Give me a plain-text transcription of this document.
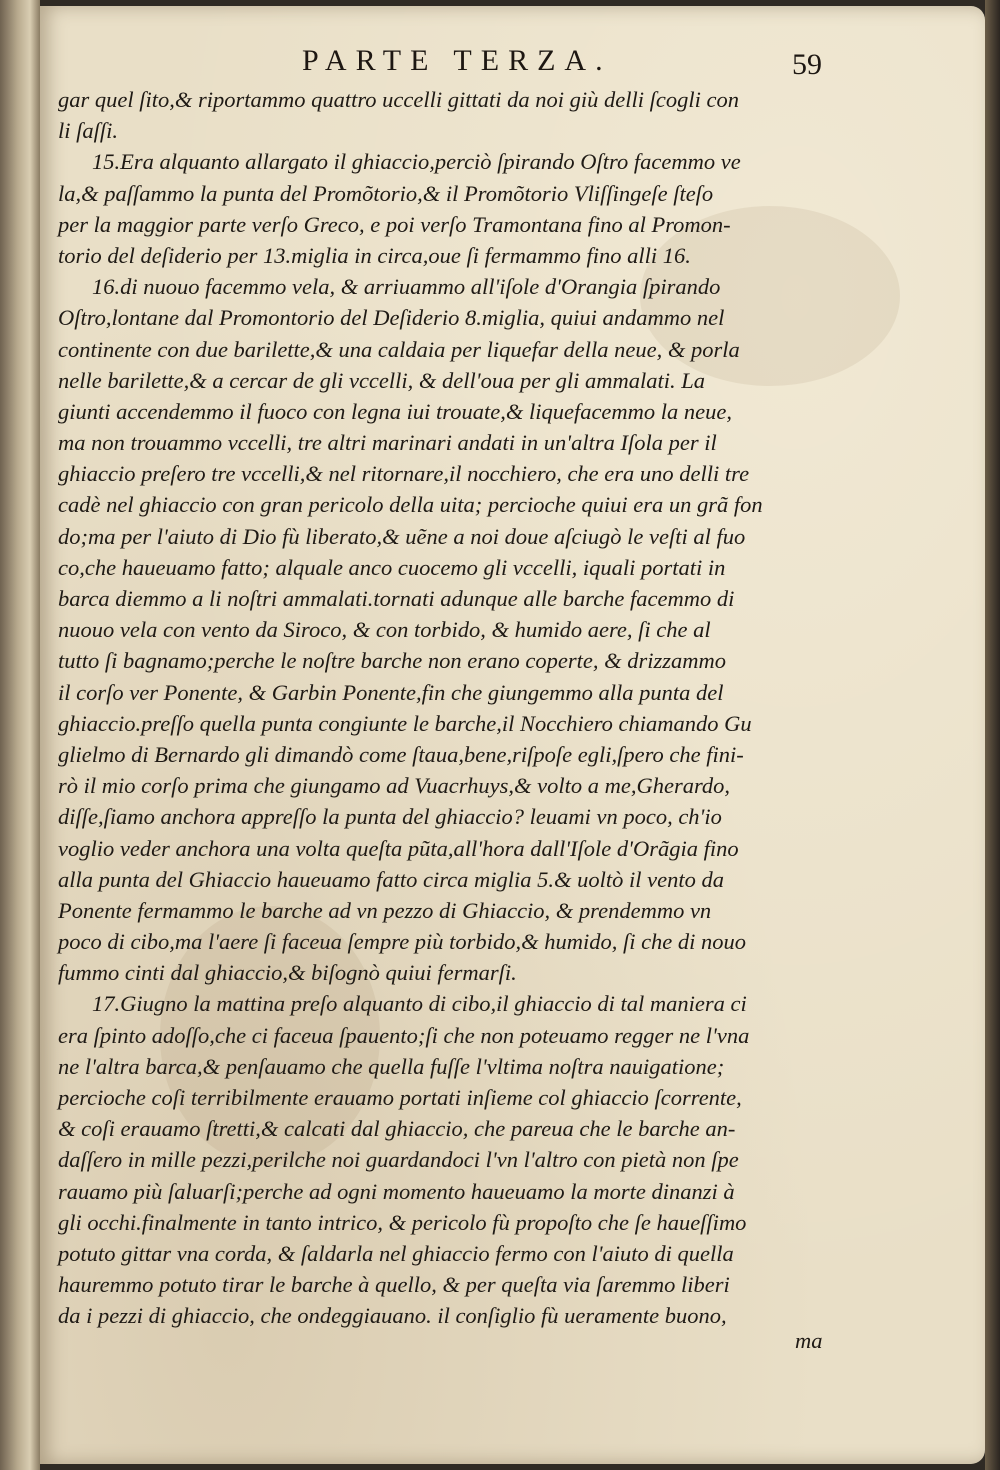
PARTE TERZA.	59
gar quel ſito,& riportammo quattro uccelli gittati da noi giù delli ſcogli con
li ſaſſi.
15.Era alquanto allargato il ghiaccio,perciò ſpirando Oſtro facemmo ve
la,& paſſammo la punta del Promõtorio,& il Promõtorio Vliſſingeſe ſteſo
per la maggior parte verſo Greco, e poi verſo Tramontana fino al Promon-
torio del deſiderio per 13.miglia in circa,oue ſi fermammo fino alli 16.
16.di nuouo facemmo vela, & arriuammo all'iſole d'Orangia ſpirando
Oſtro,lontane dal Promontorio del Deſiderio 8.miglia, quiui andammo nel
continente con due barilette,& una caldaia per liquefar della neue, & porla
nelle barilette,& a cercar de gli vccelli, & dell'oua per gli ammalati. La
giunti accendemmo il fuoco con legna iui trouate,& liquefacemmo la neue,
ma non trouammo vccelli, tre altri marinari andati in un'altra Iſola per il
ghiaccio preſero tre vccelli,& nel ritornare,il nocchiero, che era uno delli tre
cadè nel ghiaccio con gran pericolo della uita; percioche quiui era un grã fon
do;ma per l'aiuto di Dio fù liberato,& uẽne a noi doue aſciugò le veſti al fuo
co,che haueuamo fatto; alquale anco cuocemo gli vccelli, iquali portati in
barca diemmo a li noſtri ammalati.tornati adunque alle barche facemmo di
nuouo vela con vento da Siroco, & con torbido, & humido aere, ſi che al
tutto ſi bagnamo;perche le noſtre barche non erano coperte, & drizzammo
il corſo ver Ponente, & Garbin Ponente,fin che giungemmo alla punta del
ghiaccio.preſſo quella punta congiunte le barche,il Nocchiero chiamando Gu
glielmo di Bernardo gli dimandò come ſtaua,bene,riſpoſe egli,ſpero che fini-
rò il mio corſo prima che giungamo ad Vuacrhuys,& volto a me,Gherardo,
diſſe,ſiamo anchora appreſſo la punta del ghiaccio? leuami vn poco, ch'io
voglio veder anchora una volta queſta pũta,all'hora dall'Iſole d'Orãgia fino
alla punta del Ghiaccio haueuamo fatto circa miglia 5.& uoltò il vento da
Ponente fermammo le barche ad vn pezzo di Ghiaccio, & prendemmo vn
poco di cibo,ma l'aere ſi faceua ſempre più torbido,& humido, ſi che di nouo
fummo cinti dal ghiaccio,& biſognò quiui fermarſi.
17.Giugno la mattina preſo alquanto di cibo,il ghiaccio di tal maniera ci
era ſpinto adoſſo,che ci faceua ſpauento;ſi che non poteuamo regger ne l'vna
ne l'altra barca,& penſauamo che quella fuſſe l'vltima noſtra nauigatione;
percioche coſi terribilmente erauamo portati inſieme col ghiaccio ſcorrente,
& coſi erauamo ſtretti,& calcati dal ghiaccio, che pareua che le barche an-
daſſero in mille pezzi,perilche noi guardandoci l'vn l'altro con pietà non ſpe
rauamo più ſaluarſi;perche ad ogni momento haueuamo la morte dinanzi à
gli occhi.finalmente in tanto intrico, & pericolo fù propoſto che ſe haueſſimo
potuto gittar vna corda, & ſaldarla nel ghiaccio fermo con l'aiuto di quella
hauremmo potuto tirar le barche à quello, & per queſta via ſaremmo liberi
da i pezzi di ghiaccio, che ondeggiauano. il conſiglio fù ueramente buono,
ma
